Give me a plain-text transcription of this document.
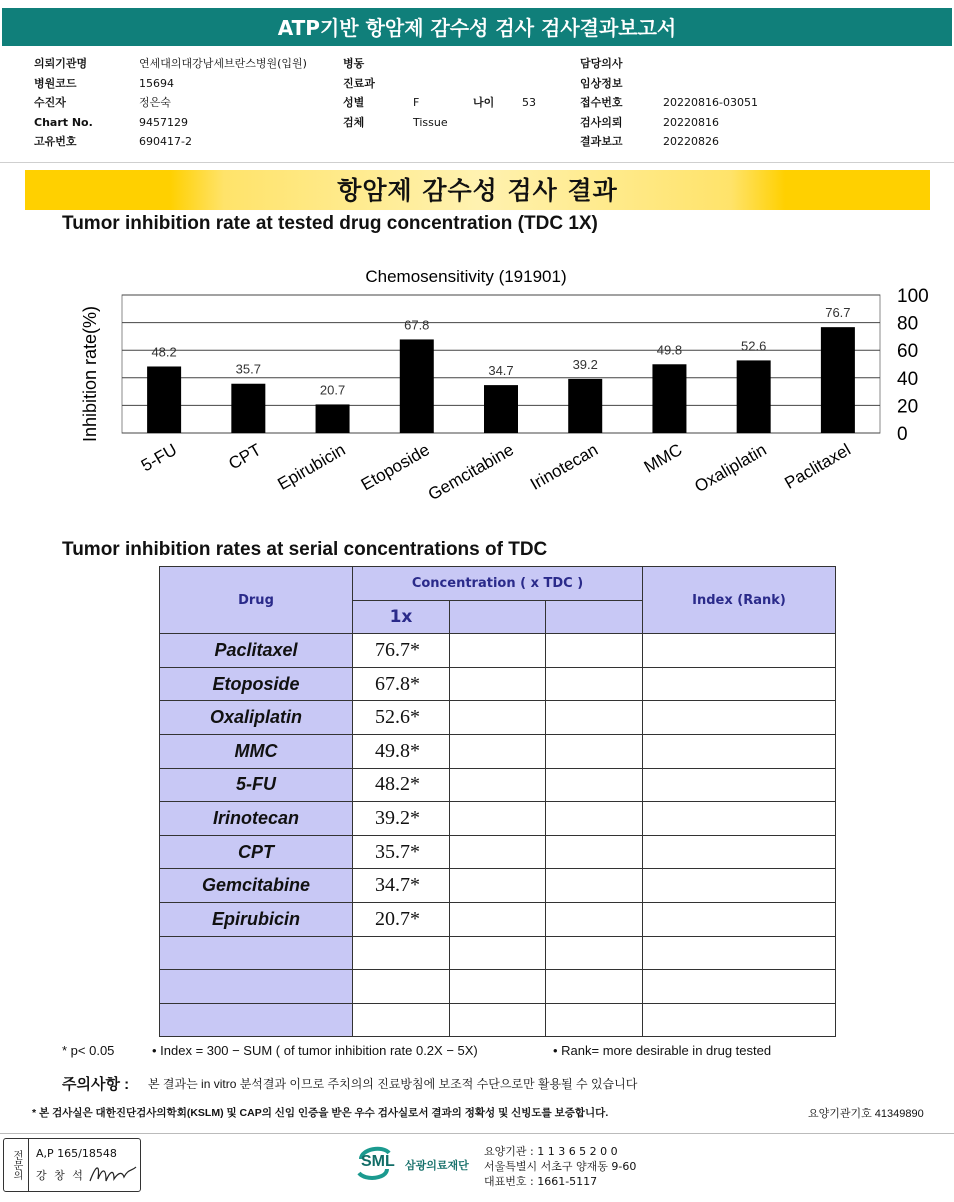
ATP기반 항암제 감수성 검사 검사결과보고서
의뢰기관명	연세대의대강남세브란스병원(입원)
병원코드	15694
수진자	정은숙
Chart No.	9457129
고유번호	690417-2
병동
진료과
성별	F	나이	53
검체	Tissue
담당의사
임상정보
접수번호	20220816-03051
검사의뢰	20220816
결과보고	20220826
항암제 감수성 검사 결과
Tumor inhibition rate at tested drug concentration (TDC 1X)
Chemosensitivity (191901)
Inhibition rate(%)	48.2
35.7
20.7
67.8
34.7	39.2
49.8	52.6
76.7
5-FU	CPT Epirubicin Etoposide
Gemcitabine Irinotecan MMC Oxaliplatin Paclitaxel
0
20
40
60
80
100
Tumor inhibition rates at serial concentrations of TDC
Drug	Concentration ( x TDC )			Index (Rank)
	1x			
Paclitaxel	76.7*			
Etoposide	67.8*			
Oxaliplatin	52.6*			
MMC	49.8*			
5-FU	48.2*			
Irinotecan	39.2*			
CPT	35.7*			
Gemcitabine	34.7*			
Epirubicin	20.7*			

* p< 0.05	• Index = 300 − SUM ( of tumor inhibition rate 0.2X − 5X)	• Rank= more desirable in drug tested
주의사항 : 본 결과는 in vitro 분석결과 이므로 주치의의 진료방침에 보조적 수단으로만 활용될 수 있습니다
* 본 검사실은 대한진단검사의학회(KSLM) 및 CAP의 신임 인증을 받은 우수 검사실로서 결과의 정확성 및 신빙도를 보증합니다.	요양기관기호 41349890
전문의	A,P 165/18548
강 창 석
SML 삼광의료재단
요양기관 : 1 1 3 6 5 2 0 0
서울특별시 서초구 양재동 9-60
대표번호 : 1661-5117
